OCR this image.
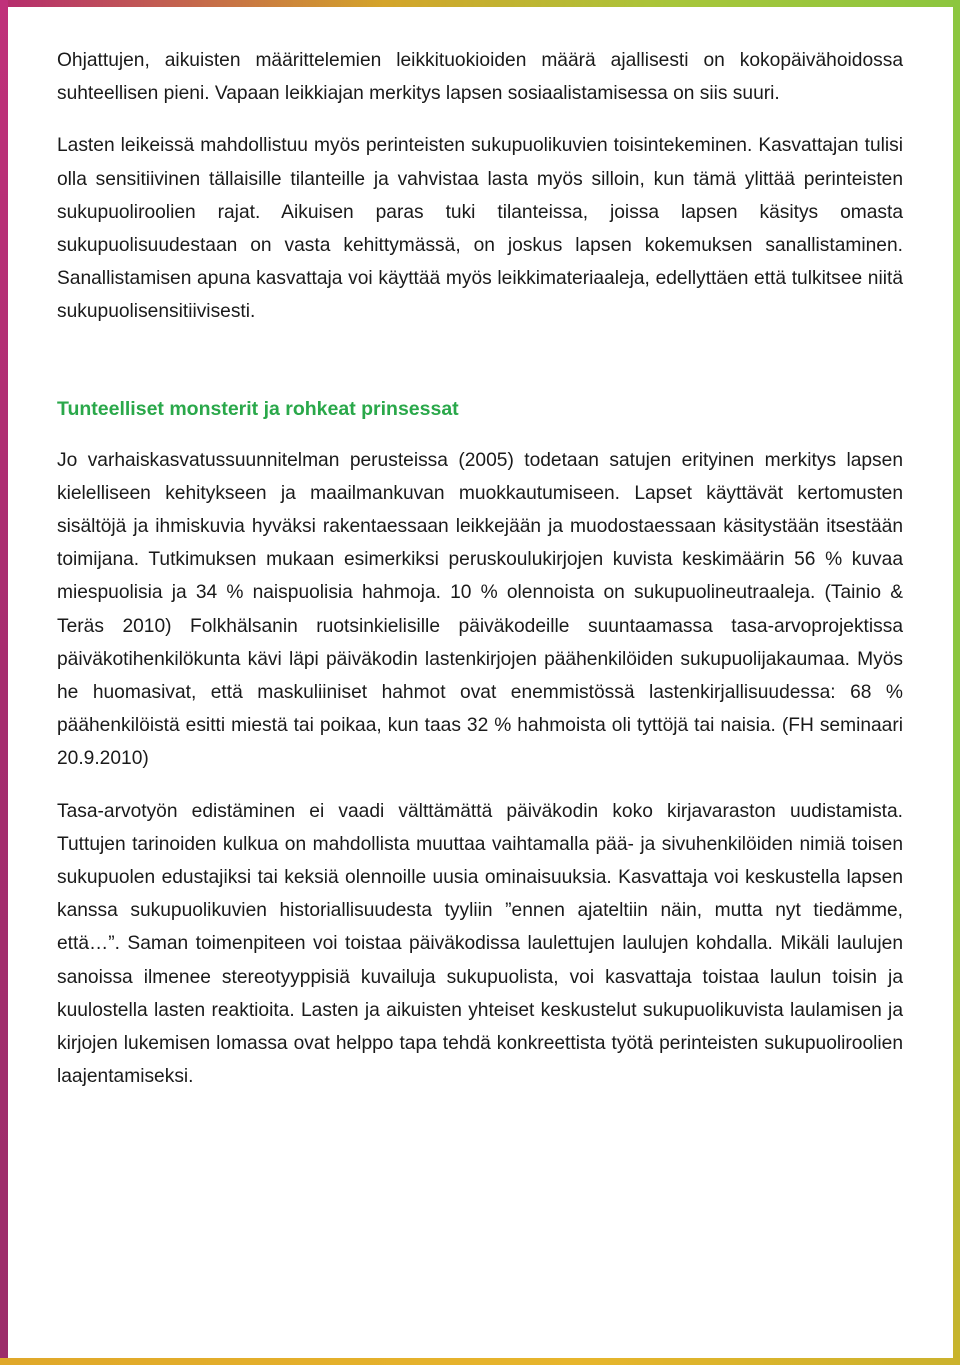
Ohjattujen, aikuisten määrittelemien leikkituokioiden määrä ajallisesti on kokopäivähoidossa suhteellisen pieni. Vapaan leikkiajan merkitys lapsen sosiaalistamisessa on siis suuri.

Lasten leikeissä mahdollistuu myös perinteisten sukupuolikuvien toisintekeminen. Kasvattajan tulisi olla sensitiivinen tällaisille tilanteille ja vahvistaa lasta myös silloin, kun tämä ylittää perinteisten sukupuoliroolien rajat. Aikuisen paras tuki tilanteissa, joissa lapsen käsitys omasta sukupuolisuudestaan on vasta kehittymässä, on joskus lapsen kokemuksen sanallistaminen. Sanallistamisen apuna kasvattaja voi käyttää myös leikkimateriaaleja, edellyttäen että tulkitsee niitä sukupuolisensitiivisesti.

Tunteelliset monsterit ja rohkeat prinsessat

Jo varhaiskasvatussuunnitelman perusteissa (2005) todetaan satujen erityinen merkitys lapsen kielelliseen kehitykseen ja maailmankuvan muokkautumiseen. Lapset käyttävät kertomusten sisältöjä ja ihmiskuvia hyväksi rakentaessaan leikkejään ja muodostaessaan käsitystään itsestään toimijana. Tutkimuksen mukaan esimerkiksi peruskoulukirjojen kuvista keskimäärin 56 % kuvaa miespuolisia ja 34 % naispuolisia hahmoja. 10 % olennoista on sukupuolineutraaleja. (Tainio & Teräs 2010) Folkhälsanin ruotsinkielisille päiväkodeille suuntaamassa tasa-arvoprojektissa päiväkotihenkilökunta kävi läpi päiväkodin lastenkirjojen päähenkilöiden sukupuolijakaumaa. Myös he huomasivat, että maskuliiniset hahmot ovat enemmistössä lastenkirjallisuudessa: 68 % päähenkilöistä esitti miestä tai poikaa, kun taas 32 % hahmoista oli tyttöjä tai naisia. (FH seminaari 20.9.2010)

Tasa-arvotyön edistäminen ei vaadi välttämättä päiväkodin koko kirjavaraston uudistamista. Tuttujen tarinoiden kulkua on mahdollista muuttaa vaihtamalla pää- ja sivuhenkilöiden nimiä toisen sukupuolen edustajiksi tai keksiä olennoille uusia ominaisuuksia. Kasvattaja voi keskustella lapsen kanssa sukupuolikuvien historiallisuudesta tyyliin ”ennen ajateltiin näin, mutta nyt tiedämme, että…”. Saman toimenpiteen voi toistaa päiväkodissa laulettujen laulujen kohdalla. Mikäli laulujen sanoissa ilmenee stereotyyppisiä kuvailuja sukupuolista, voi kasvattaja toistaa laulun toisin ja kuulostella lasten reaktioita. Lasten ja aikuisten yhteiset keskustelut sukupuolikuvista laulamisen ja kirjojen lukemisen lomassa ovat helppo tapa tehdä konkreettista työtä perinteisten sukupuoliroolien laajentamiseksi.
